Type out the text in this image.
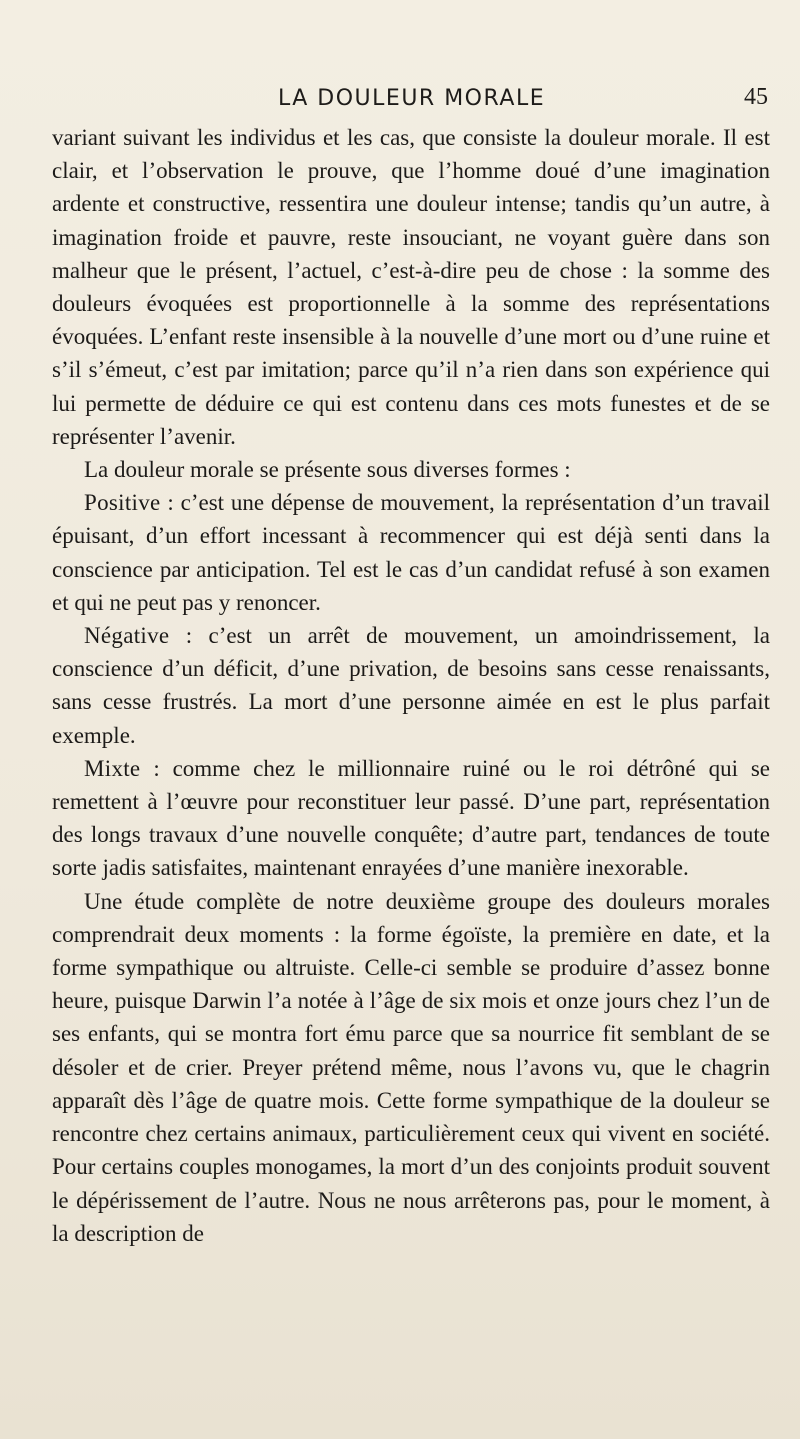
LA DOULEUR MORALE	45

variant suivant les individus et les cas, que consiste la douleur morale. Il est clair, et l’observation le prouve, que l’homme doué d’une imagination ardente et constructive, ressentira une douleur intense; tandis qu’un autre, à imagination froide et pauvre, reste insouciant, ne voyant guère dans son malheur que le présent, l’actuel, c’est-à-dire peu de chose : la somme des douleurs évoquées est proportionnelle à la somme des représentations évoquées. L’enfant reste insensible à la nouvelle d’une mort ou d’une ruine et s’il s’émeut, c’est par imitation; parce qu’il n’a rien dans son expérience qui lui permette de déduire ce qui est contenu dans ces mots funestes et de se représenter l’avenir.

La douleur morale se présente sous diverses formes :

Positive : c’est une dépense de mouvement, la représentation d’un travail épuisant, d’un effort incessant à recommencer qui est déjà senti dans la conscience par anticipation. Tel est le cas d’un candidat refusé à son examen et qui ne peut pas y renoncer.

Négative : c’est un arrêt de mouvement, un amoindrissement, la conscience d’un déficit, d’une privation, de besoins sans cesse renaissants, sans cesse frustrés. La mort d’une personne aimée en est le plus parfait exemple.

Mixte : comme chez le millionnaire ruiné ou le roi détrôné qui se remettent à l’œuvre pour reconstituer leur passé. D’une part, représentation des longs travaux d’une nouvelle conquête; d’autre part, tendances de toute sorte jadis satisfaites, maintenant enrayées d’une manière inexorable.

Une étude complète de notre deuxième groupe des douleurs morales comprendrait deux moments : la forme égoïste, la première en date, et la forme sympathique ou altruiste. Celle-ci semble se produire d’assez bonne heure, puisque Darwin l’a notée à l’âge de six mois et onze jours chez l’un de ses enfants, qui se montra fort ému parce que sa nourrice fit semblant de se désoler et de crier. Preyer prétend même, nous l’avons vu, que le chagrin apparaît dès l’âge de quatre mois. Cette forme sympathique de la douleur se rencontre chez certains animaux, particulièrement ceux qui vivent en société. Pour certains couples monogames, la mort d’un des conjoints produit souvent le dépérissement de l’autre. Nous ne nous arrêterons pas, pour le moment, à la description de
